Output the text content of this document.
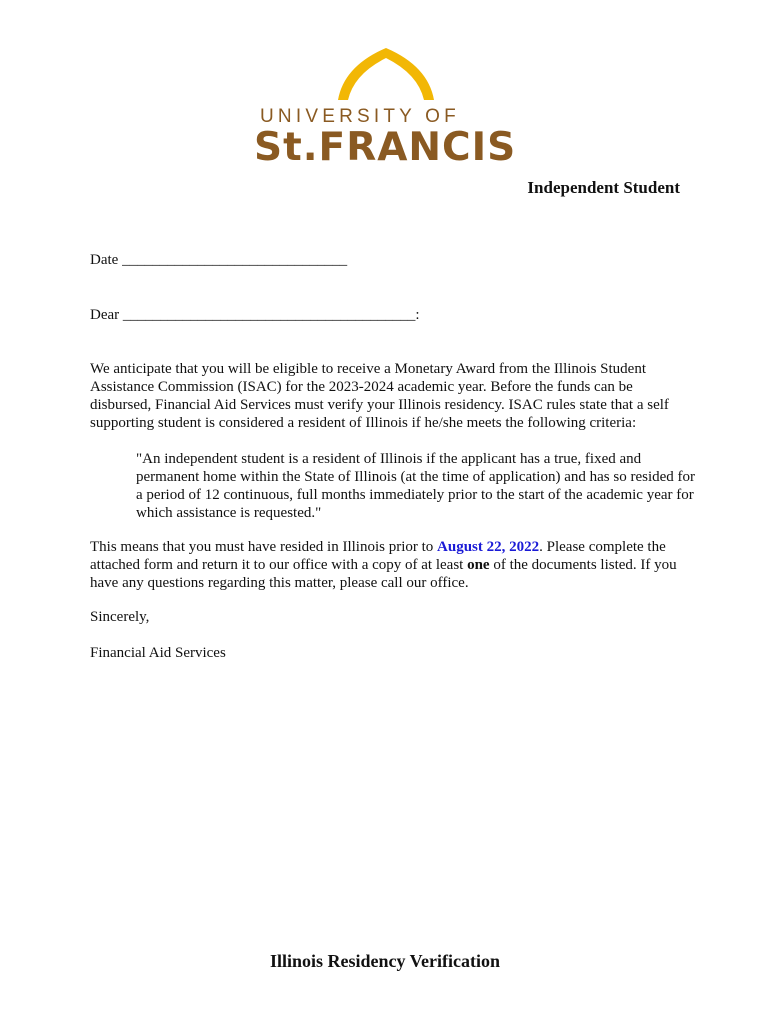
UNIVERSITY OF
St.FRANCIS
Independent Student
Date ______________________________
Dear _______________________________________:
We anticipate that you will be eligible to receive a Monetary Award from the Illinois Student Assistance Commission (ISAC) for the 2023-2024 academic year. Before the funds can be disbursed, Financial Aid Services must verify your Illinois residency. ISAC rules state that a self supporting student is considered a resident of Illinois if he/she meets the following criteria:
"An independent student is a resident of Illinois if the applicant has a true, fixed and permanent home within the State of Illinois (at the time of application) and has so resided for a period of 12 continuous, full months immediately prior to the start of the academic year for which assistance is requested."
This means that you must have resided in Illinois prior to August 22, 2022. Please complete the attached form and return it to our office with a copy of at least one of the documents listed. If you have any questions regarding this matter, please call our office.
Sincerely,
Financial Aid Services
Illinois Residency Verification
